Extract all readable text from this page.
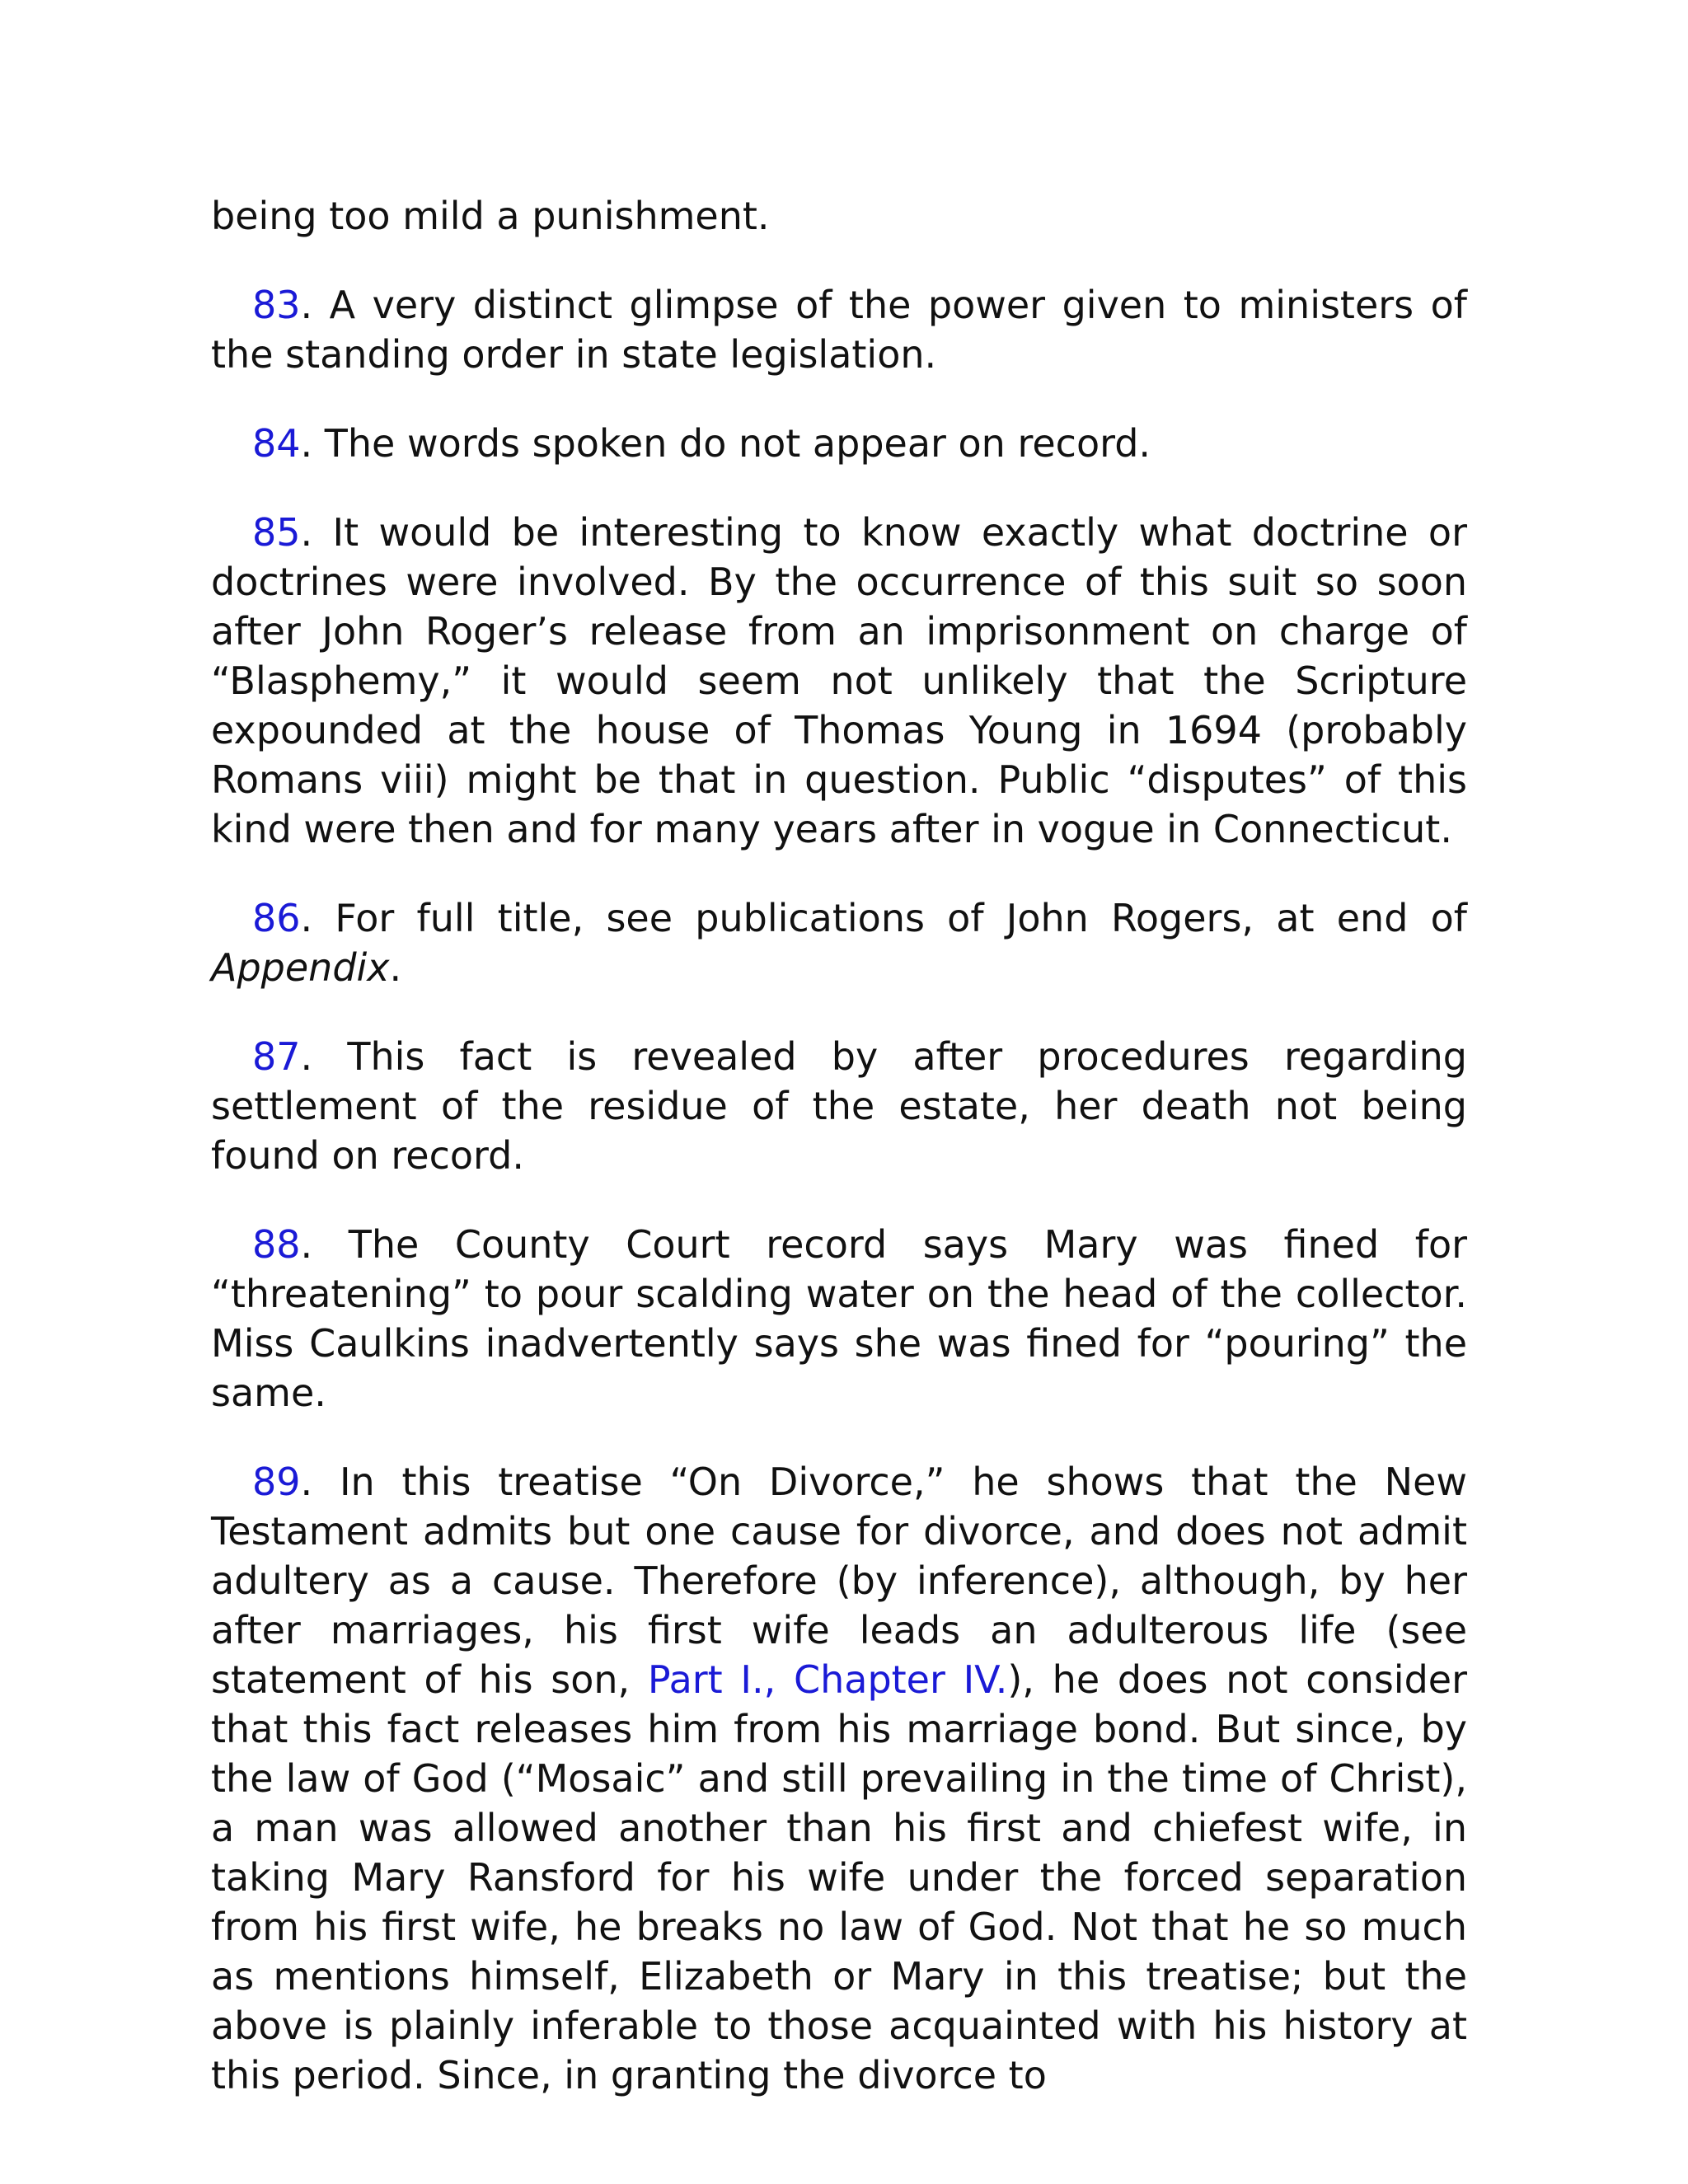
being too mild a punishment.

83. A very distinct glimpse of the power given to ministers of the standing order in state legislation.

84. The words spoken do not appear on record.

85. It would be interesting to know exactly what doctrine or doctrines were involved. By the occurrence of this suit so soon after John Roger’s release from an imprisonment on charge of “Blasphemy,” it would seem not unlikely that the Scripture expounded at the house of Thomas Young in 1694 (probably Romans viii) might be that in question. Public “disputes” of this kind were then and for many years after in vogue in Connecticut.

86. For full title, see publications of John Rogers, at end of Appendix.

87. This fact is revealed by after procedures regarding settlement of the residue of the estate, her death not being found on record.

88. The County Court record says Mary was fined for “threatening” to pour scalding water on the head of the collector. Miss Caulkins inadvertently says she was fined for “pouring” the same.

89. In this treatise “On Divorce,” he shows that the New Testament admits but one cause for divorce, and does not admit adultery as a cause. Therefore (by inference), although, by her after marriages, his first wife leads an adulterous life (see statement of his son, Part I., Chapter IV.), he does not consider that this fact releases him from his marriage bond. But since, by the law of God (“Mosaic” and still prevailing in the time of Christ), a man was allowed another than his first and chiefest wife, in taking Mary Ransford for his wife under the forced separation from his first wife, he breaks no law of God. Not that he so much as mentions himself, Elizabeth or Mary in this treatise; but the above is plainly inferable to those acquainted with his history at this period. Since, in granting the divorce to
